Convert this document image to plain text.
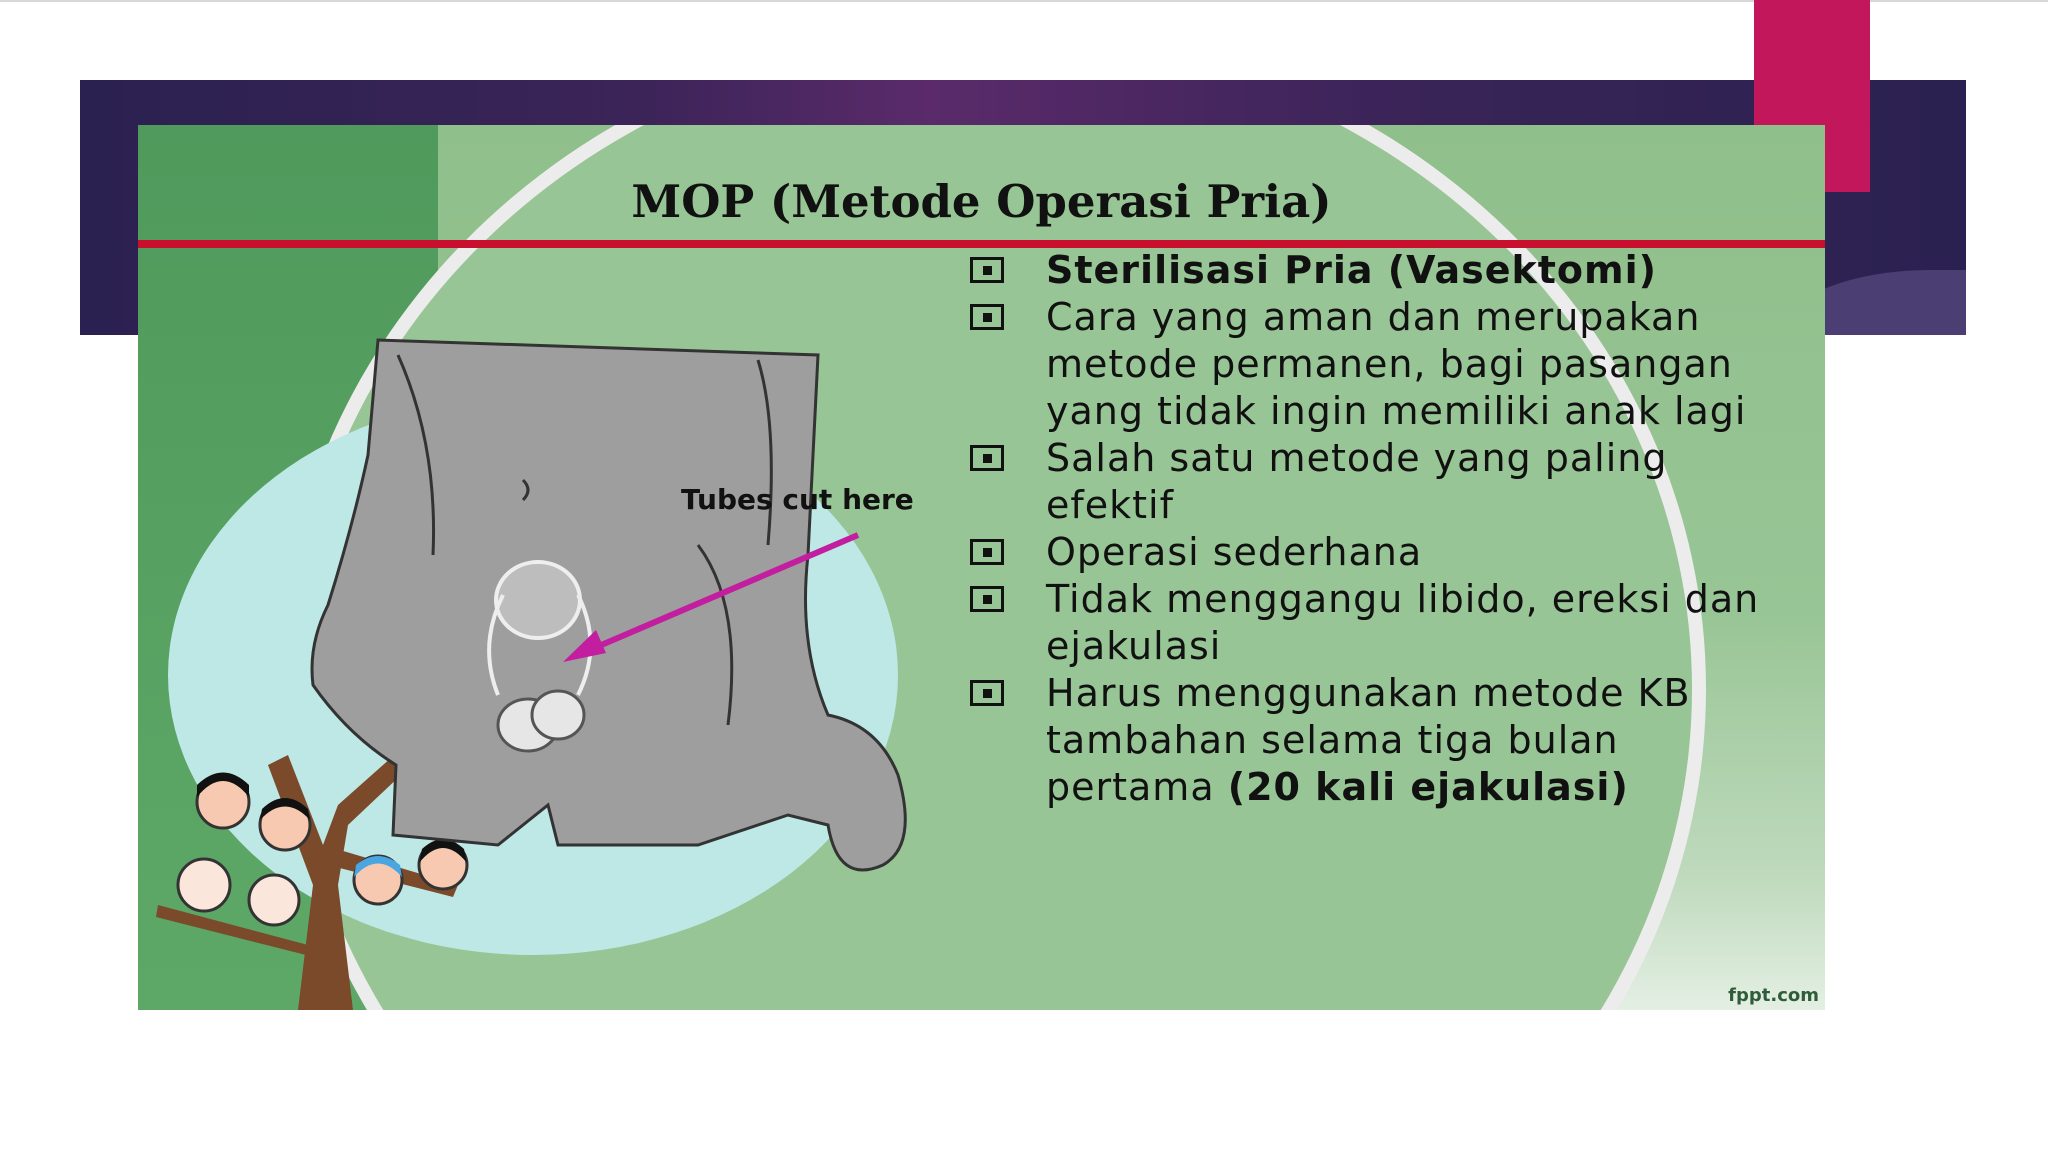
Tubes cut here
MOP (Metode Operasi Pria)
Sterilisasi Pria (Vasektomi)
Cara yang aman dan merupakan metode permanen, bagi pasangan yang tidak ingin memiliki anak lagi
Salah satu metode yang paling efektif
Operasi sederhana
Tidak menggangu libido, ereksi dan ejakulasi
Harus menggunakan metode KB tambahan selama tiga bulan pertama (20 kali ejakulasi)
fppt.com
